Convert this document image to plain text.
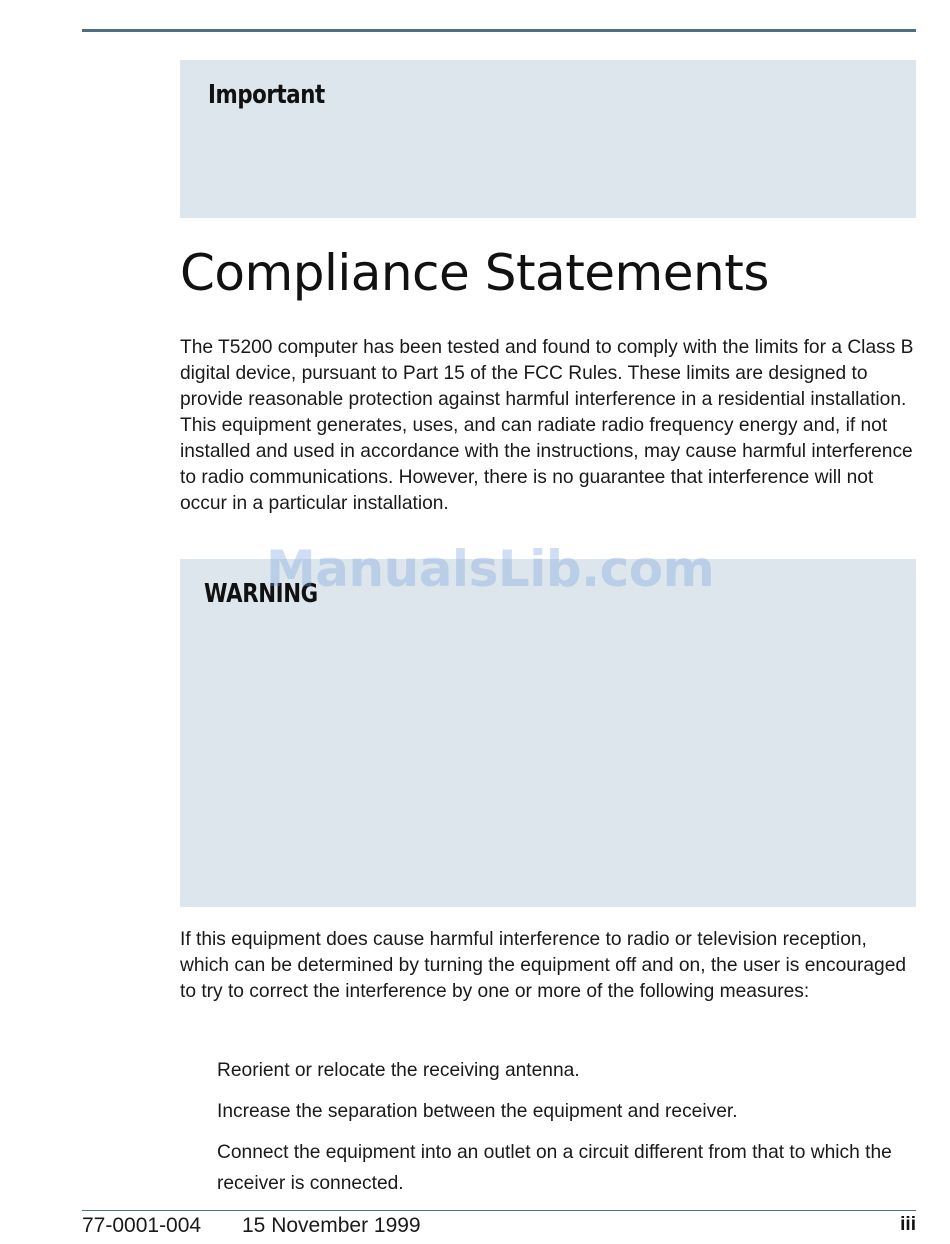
Important
Compliance Statements

The T5200 computer has been tested and found to comply with the limits for a Class B digital device, pursuant to Part 15 of the FCC Rules. These limits are designed to provide reasonable protection against harmful interference in a residential installation. This equipment generates, uses, and can radiate radio frequency energy and, if not installed and used in accordance with the instructions, may cause harmful interference to radio communications. However, there is no guarantee that interference will not occur in a particular installation.

WARNING
ManualsLib.com

If this equipment does cause harmful interference to radio or television reception, which can be determined by turning the equipment off and on, the user is encouraged to try to correct the interference by one or more of the following measures:

Reorient or relocate the receiving antenna.
Increase the separation between the equipment and receiver.
Connect the equipment into an outlet on a circuit different from that to which the receiver is connected.
77-0001-004 15 November 1999	iii
